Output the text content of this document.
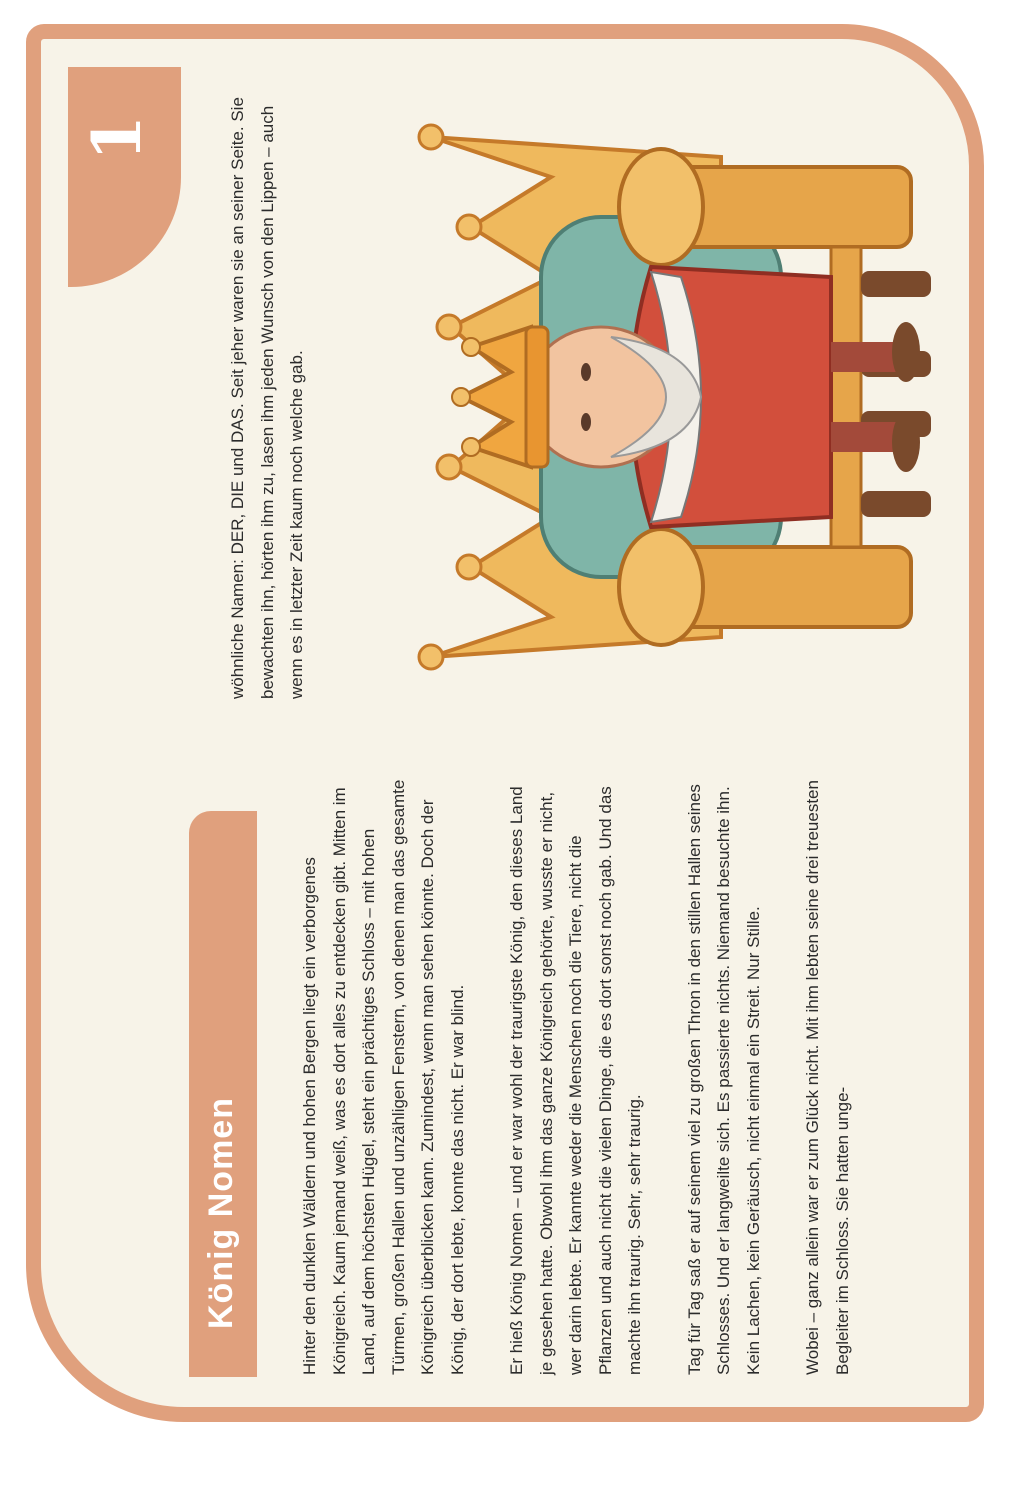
1
König Nomen	Hinter den dunklen Wäldern und hohen Bergen liegt ein verborgenes Königreich. Kaum jemand weiß, was es dort alles zu entdecken gibt. Mitten im Land, auf dem höchsten Hügel, steht ein prächtiges Schloss – mit hohen Türmen, großen Hallen und unzähligen Fenstern, von denen man das gesamte Königreich überblicken kann. Zumindest, wenn man sehen könnte. Doch der König, der dort lebte, konnte das nicht. Er war blind.	Er hieß König Nomen – und er war wohl der traurigste König, den dieses Land je gesehen hatte. Obwohl ihm das ganze Königreich gehörte, wusste er nicht, wer darin lebte. Er kannte weder die Menschen noch die Tiere, nicht die Pflanzen und auch nicht die vielen Dinge, die es dort sonst noch gab. Und das machte ihn traurig. Sehr, sehr traurig.	Tag für Tag saß er auf seinem viel zu großen Thron in den stillen Hallen seines Schlosses. Und er langweilte sich. Es passierte nichts. Niemand besuchte ihn. Kein Lachen, kein Geräusch, nicht einmal ein Streit. Nur Stille.	Wobei – ganz allein war er zum Glück nicht. Mit ihm lebten seine drei treuesten Begleiter im Schloss. Sie hatten unge-

wöhnliche Namen: DER, DIE und DAS. Seit jeher waren sie an seiner Seite. Sie bewachten ihn, hörten ihm zu, lasen ihm jeden Wunsch von den Lippen – auch wenn es in letzter Zeit kaum noch welche gab.
